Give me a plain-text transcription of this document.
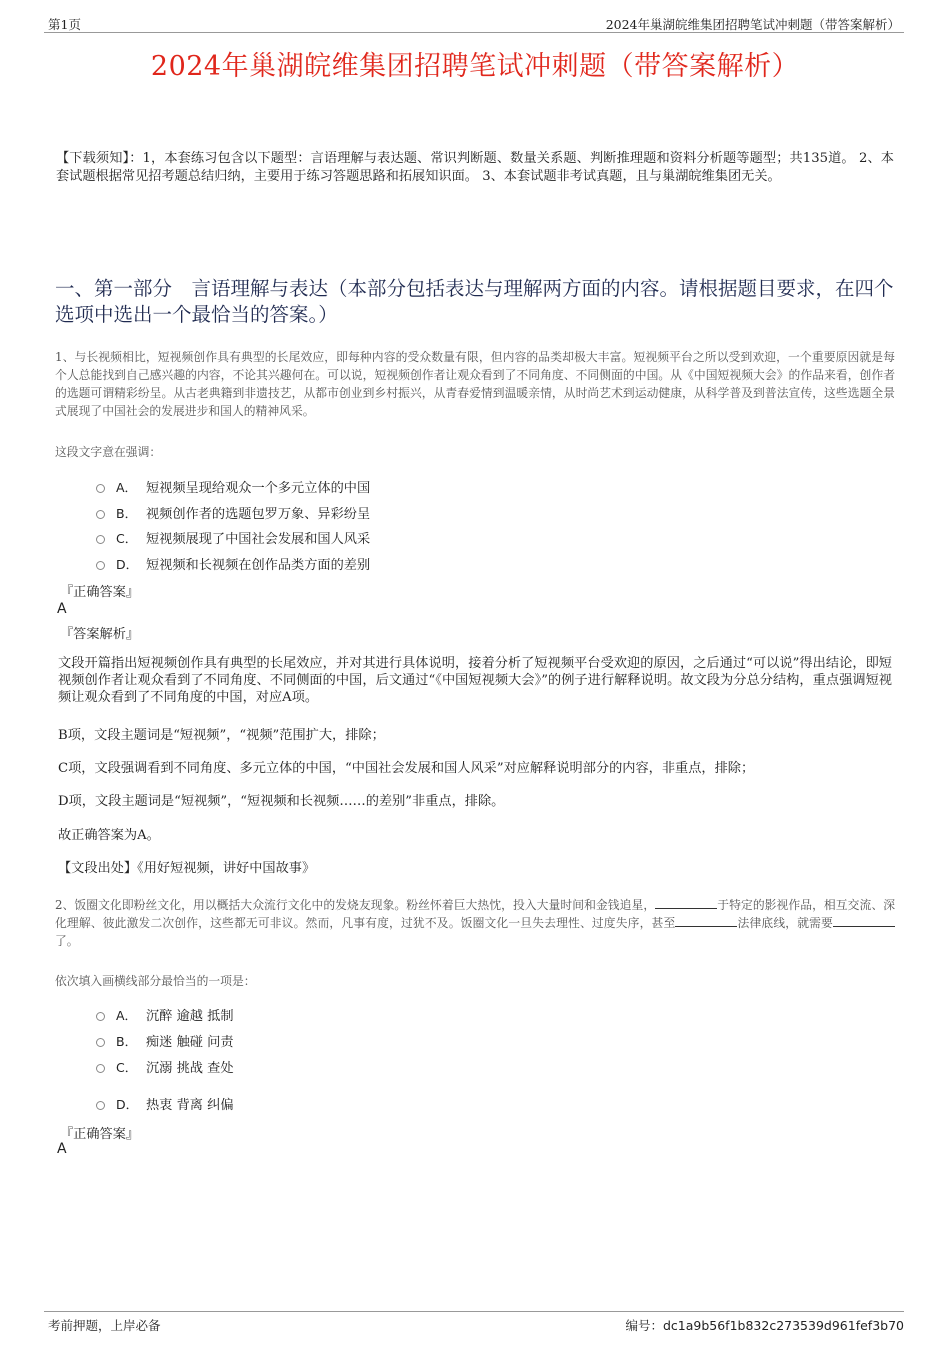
第1页	2024年巢湖皖维集团招聘笔试冲刺题（带答案解析）
2024年巢湖皖维集团招聘笔试冲刺题（带答案解析）
【下载须知】：1，本套练习包含以下题型：言语理解与表达题、常识判断题、数量关系题、判断推理题和资料分析题等题型；共135道。 2、本套试题根据常见招考题总结归纳，主要用于练习答题思路和拓展知识面。 3、本套试题非考试真题，且与巢湖皖维集团无关。
一、第一部分　言语理解与表达（本部分包括表达与理解两方面的内容。请根据题目要求，在四个选项中选出一个最恰当的答案。）
1、与长视频相比，短视频创作具有典型的长尾效应，即每种内容的受众数量有限，但内容的品类却极大丰富。短视频平台之所以受到欢迎，一个重要原因就是每个人总能找到自己感兴趣的内容，不论其兴趣何在。可以说，短视频创作者让观众看到了不同角度、不同侧面的中国。从《中国短视频大会》的作品来看，创作者的选题可谓精彩纷呈。从古老典籍到非遗技艺，从都市创业到乡村振兴，从青春爱情到温暖亲情，从时尚艺术到运动健康，从科学普及到普法宣传，这些选题全景式展现了中国社会的发展进步和国人的精神风采。
这段文字意在强调：
A． 短视频呈现给观众一个多元立体的中国
B． 视频创作者的选题包罗万象、异彩纷呈
C． 短视频展现了中国社会发展和国人风采
D． 短视频和长视频在创作品类方面的差别
『正确答案』
A
『答案解析』
文段开篇指出短视频创作具有典型的长尾效应，并对其进行具体说明，接着分析了短视频平台受欢迎的原因，之后通过“可以说”得出结论，即短视频创作者让观众看到了不同角度、不同侧面的中国，后文通过“《中国短视频大会》”的例子进行解释说明。故文段为分总分结构，重点强调短视频让观众看到了不同角度的中国，对应A项。
B项，文段主题词是“短视频”，“视频”范围扩大，排除；
C项，文段强调看到不同角度、多元立体的中国，“中国社会发展和国人风采”对应解释说明部分的内容，非重点，排除；
D项，文段主题词是“短视频”，“短视频和长视频……的差别”非重点，排除。
故正确答案为A。
【文段出处】《用好短视频，讲好中国故事》
2、饭圈文化即粉丝文化，用以概括大众流行文化中的发烧友现象。粉丝怀着巨大热忱，投入大量时间和金钱追星，	于特定的影视作品，相互交流、深化理解、彼此激发二次创作，这些都无可非议。然而，凡事有度，过犹不及。饭圈文化一旦失去理性、过度失序，甚至	法律底线，就需要了。
依次填入画横线部分最恰当的一项是：
A． 沉醉 逾越 抵制
B． 痴迷 触碰 问责
C． 沉溺 挑战 查处
D． 热衷 背离 纠偏
『正确答案』
A
考前押题，上岸必备	编号：dc1a9b56f1b832c273539d961fef3b70
